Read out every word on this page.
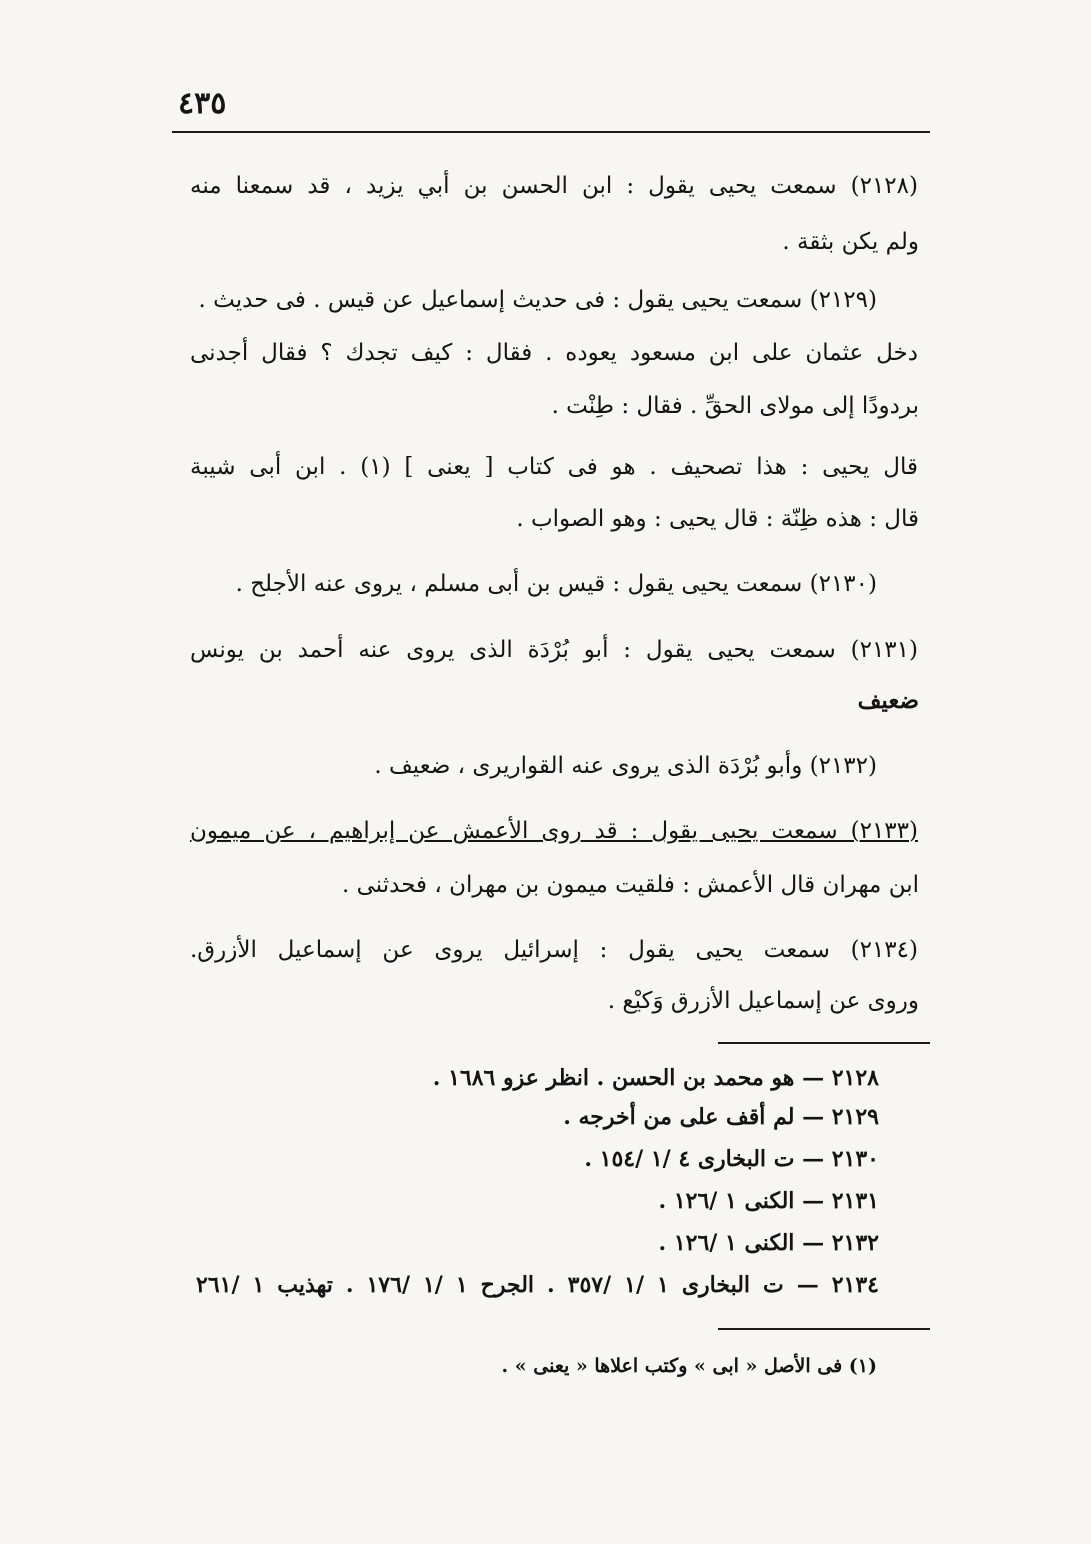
٤٣٥
(٢١٢٨) سمعت يحيى يقول : ابن الحسن بن أبي يزيد ، قد سمعنا منه
ولم يكن بثقة .
(٢١٢٩) سمعت يحيى يقول : فى حديث إسماعيل عن قيس . فى حديث .
دخل عثمان على ابن مسعود يعوده . فقال : كيف تجدك ؟ فقال أجدنى
بردودًا إلى مولاى الحقِّ . فقال : طِنْت .
قال يحيى : هذا تصحيف . هو فى كتاب [ يعنى ] (١) . ابن أبى شيبة
قال : هذه ظِنّة : قال يحيى : وهو الصواب .
(٢١٣٠) سمعت يحيى يقول : قيس بن أبى مسلم ، يروى عنه الأجلح .
(٢١٣١) سمعت يحيى يقول : أبو بُرْدَة الذى يروى عنه أحمد بن يونس
ضعيف
(٢١٣٢) وأبو بُرْدَة الذى يروى عنه القواريرى ، ضعيف .
(٢١٣٣) سمعت يحيى يقول : قد روى الأعمش عن إبراهيم ، عن ميمون
ابن مهران قال الأعمش : فلقيت ميمون بن مهران ، فحدثنى .
(٢١٣٤) سمعت يحيى يقول : إسرائيل يروى عن إسماعيل الأزرق.
وروى عن إسماعيل الأزرق وَكيْع .
٢١٢٨ — هو محمد بن الحسن . انظر عزو ١٦٨٦ .
٢١٢٩ — لم أقف على من أخرجه .
٢١٣٠ — ت البخارى ٤ /١ /١٥٤ .
٢١٣١ — الكنى ١ /١٢٦ .
٢١٣٢ — الكنى ١ /١٢٦ .
٢١٣٤ — ت البخارى ١ /١ /٣٥٧ . الجرح ١ /١ /١٧٦ . تهذيب ١ /٢٦١
(١) فى الأصل « ابى » وكتب اعلاها « يعنى » .
